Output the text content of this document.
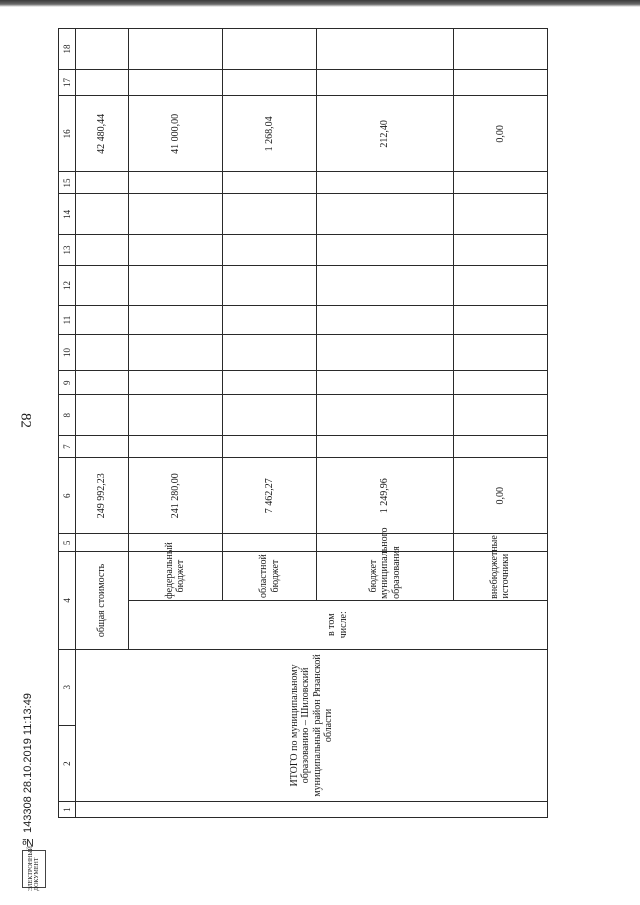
82
1	2	3	4		5	6	7	8	9	10	11	12	13	14	15	16	17	18
	ИТОГО по муниципальному образованию – Шиловский муниципальный район Рязанской области		общая стоимость			249 992,23										42 480,44		
			в том числе:	федеральный бюджет		241 280,00										41 000,00		
				областной бюджет		7 462,27										1 268,04		
				бюджет муниципального образования		1 249,96										212,40		
				внебюджетные источники		0,00										0,00		
№ 143308 28.10.2019 11:13:49
ЭЛЕКТРОННЫЙ ДОКУМЕНТ
